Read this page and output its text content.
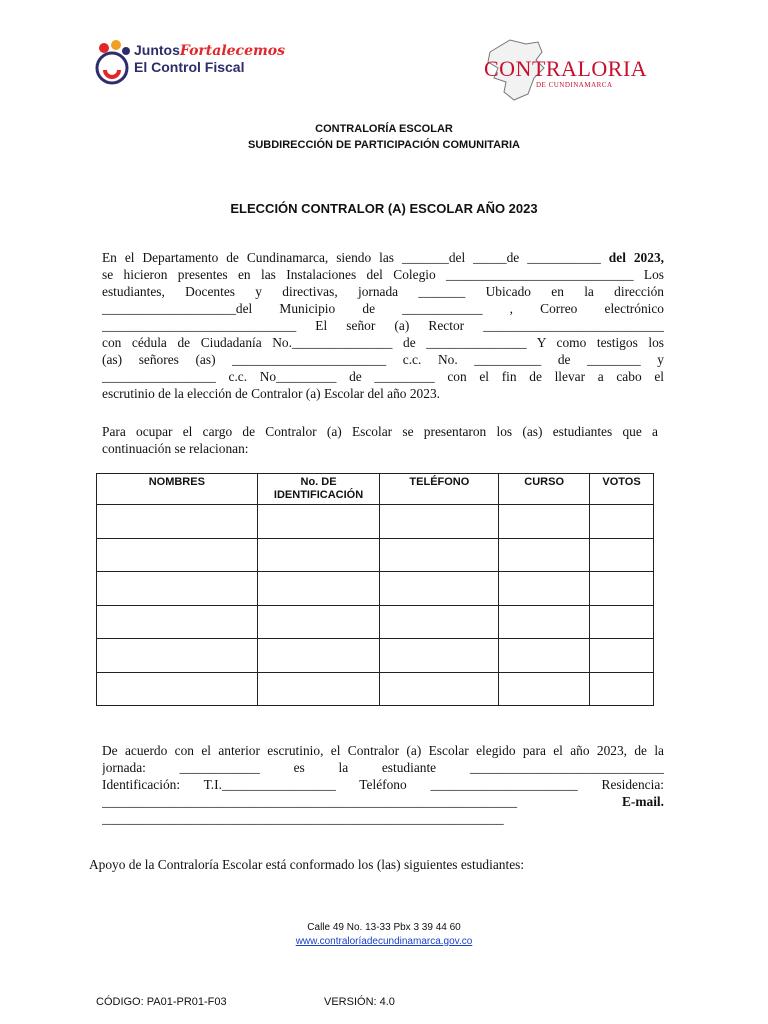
JuntosFortalecemos
El Control Fiscal	CONTRALORIA
DE CUNDINAMARCA
CONTRALORÍA ESCOLAR
SUBDIRECCIÓN DE PARTICIPACIÓN COMUNITARIA
ELECCIÓN CONTRALOR (A) ESCOLAR AÑO 2023
En el Departamento de Cundinamarca, siendo las _______del _____de ___________ del 2023,
se hicieron presentes en las Instalaciones del Colegio ____________________________ Los
estudiantes, Docentes y directivas, jornada _______ Ubicado en la dirección
____________________del Municipio de ____________ , Correo electrónico
_____________________________ El señor (a) Rector ___________________________
con cédula de Ciudadanía No._______________ de _______________ Y como testigos los
(as) señores (as) _______________________ c.c. No. __________ de ________ y
_________________ c.c. No_________ de _________ con el fin de llevar a cabo el
escrutinio de la elección de Contralor (a) Escolar del año 2023.
Para ocupar el cargo de Contralor (a) Escolar se presentaron los (as) estudiantes que a
continuación se relacionan:
NOMBRES	No. DE IDENTIFICACIÓN	TELÉFONO	CURSO	VOTOS

De acuerdo con el anterior escrutinio, el Contralor (a) Escolar elegido para el año 2023, de la
jornada: ____________ es la estudiante _____________________________
Identificación: T.I._________________ Teléfono ______________________ Residencia:
______________________________________________________________ E-mail.
____________________________________________________________
Apoyo de la Contraloría Escolar está conformado los (las) siguientes estudiantes:
Calle 49 No. 13-33 Pbx 3 39 44 60
www.contraloríadecundinamarca.gov.co
CÓDIGO: PA01-PR01-F03	VERSIÓN: 4.0
